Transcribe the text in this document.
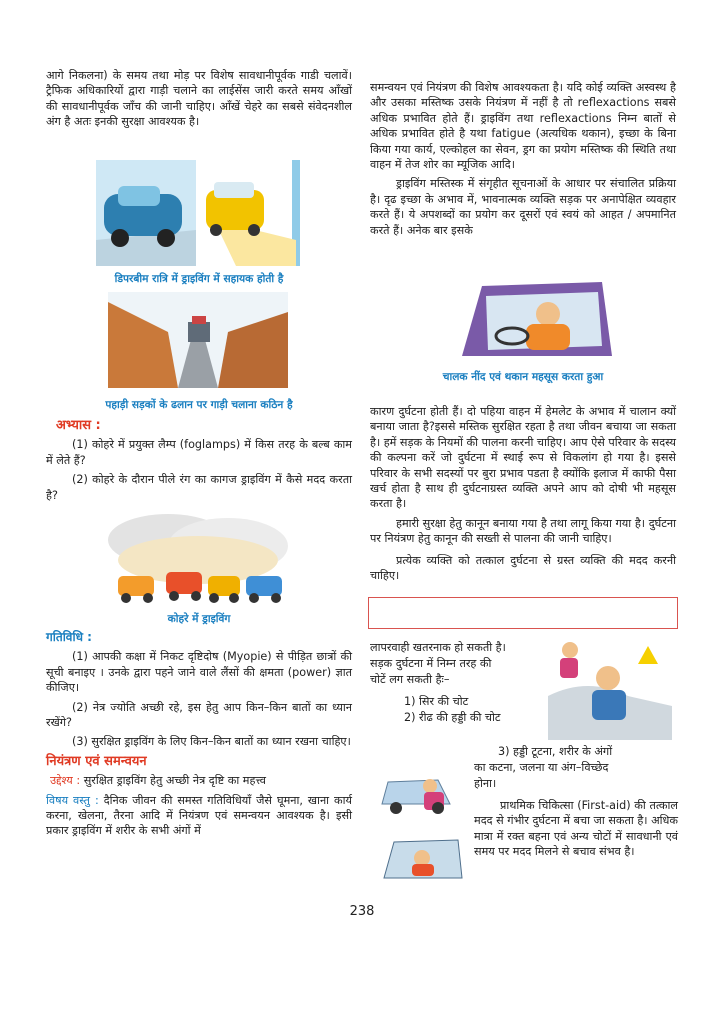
आगे निकलना) के समय तथा मोड़ पर विशेष सावधानीपूर्वक गाडी चलावें। ट्रैफिक अधिकारियों द्वारा गाड़ी चलाने का लाईसेंस जारी करते समय आँखों की सावधानीपूर्वक जाँच की जानी चाहिए। आँखें चेहरे का सबसे संवेदनशील अंग है अतः इनकी सुरक्षा आवश्यक है।

डिपरबीम रात्रि में ड्राइविंग में सहायक होती है
पहाड़ी सड़कों के ढलान पर गाड़ी चलाना कठिन है
अभ्यास :

(1) कोहरे में प्रयुक्त लैम्प (foglamps) में किस तरह के बल्ब काम में लेते हैं?

(2) कोहरे के दौरान पीले रंग का कागज ड्राइविंग में कैसे मदद करता है?

कोहरे में ड्राइविंग
गतिविधि :

(1) आपकी कक्षा में निकट दृष्टिदोष (Myopie) से पीड़ित छात्रों की सूची बनाइए । उनके द्वारा पहने जाने वाले लैंसों की क्षमता (power) ज्ञात कीजिए।

(2) नेत्र ज्योति अच्छी रहे, इस हेतु आप किन–किन बातों का ध्यान रखेंगे?

(3) सुरक्षित ड्राइविंग के लिए किन–किन बातों का ध्यान रखना चाहिए।

नियंत्रण एवं समन्वयन

उद्देश्य : सुरक्षित ड्राइविंग हेतु अच्छी नेत्र दृष्टि का महत्त्व

विषय वस्तु : दैनिक जीवन की समस्त गतिविधियाँ जैसे घूमना, खाना कार्य करना, खेलना, तैरना आदि में नियंत्रण एवं समन्वयन आवश्यक है। इसी प्रकार ड्राइविंग में शरीर के सभी अंगों में

समन्वयन एवं नियंत्रण की विशेष आवश्यकता है। यदि कोई व्यक्ति अस्वस्थ है और उसका मस्तिष्क उसके नियंत्रण में नहीं है तो reflexactions सबसे अधिक प्रभावित होते हैं। ड्राइविंग तथा reflexactions निम्न बातों से अधिक प्रभावित होते है यथा fatigue (अत्यधिक थकान), इच्छा के बिना किया गया कार्य, एल्कोहल का सेवन, ड्रग का प्रयोग मस्तिष्क की स्थिति तथा वाहन में तेज शोर का म्यूजिक आदि।

ड्राइविंग मस्तिस्क में संगृहीत सूचनाओं के आधार पर संचालित प्रक्रिया है। दृढ इच्छा के अभाव में, भावनात्मक व्यक्ति सड़क पर अनापेक्षित व्यवहार करते हैं। ये अपशब्दों का प्रयोग कर दूसरों एवं स्वयं को आहत / अपमानित करते हैं। अनेक बार इसके

चालक नींद एवं थकान महसूस करता हुआ

कारण दुर्घटना होती हैं। दो पहिया वाहन में हेमलेट के अभाव में चालान क्यों बनाया जाता है?इससे मस्तिक सुरक्षित रहता है तथा जीवन बचाया जा सकता है। हमें सड़क के नियमों की पालना करनी चाहिए। आप ऐसे परिवार के सदस्य की कल्पना करें जो दुर्घटना में स्थाई रूप से विकलांग हो गया है। इससे परिवार के सभी सदस्यों पर बुरा प्रभाव पडता है क्योंकि इलाज में काफी पैसा खर्च होता है साथ ही दुर्घटनाग्रस्त व्यक्ति अपने आप को दोषी भी महसूस करता है।

हमारी सुरक्षा हेतु कानून बनाया गया है तथा लागू किया गया है। दुर्घटना पर नियंत्रण हेतु कानून की सख्ती से पालना की जानी चाहिए।

प्रत्येक व्यक्ति को तत्काल दुर्घटना से ग्रस्त व्यक्ति की मदद करनी चाहिए।

लापरवाही खतरनाक हो सकती है।
सड़क दुर्घटना में निम्न तरह की
चोटें लग सकती हैः–
1) सिर की चोट
2) रीढ की हड्डी की चोट
3) हड्डी टूटना, शरीर के अंगों
का कटना, जलना या अंग–विच्छेद
होना।

प्राथमिक चिकित्सा (First-aid) की तत्काल मदद से गंभीर दुर्घटना में बचा जा सकता है। अधिक मात्रा में रक्त बहना एवं अन्य चोटों में सावधानी एवं समय पर मदद मिलने से बचाव संभव है।

238
